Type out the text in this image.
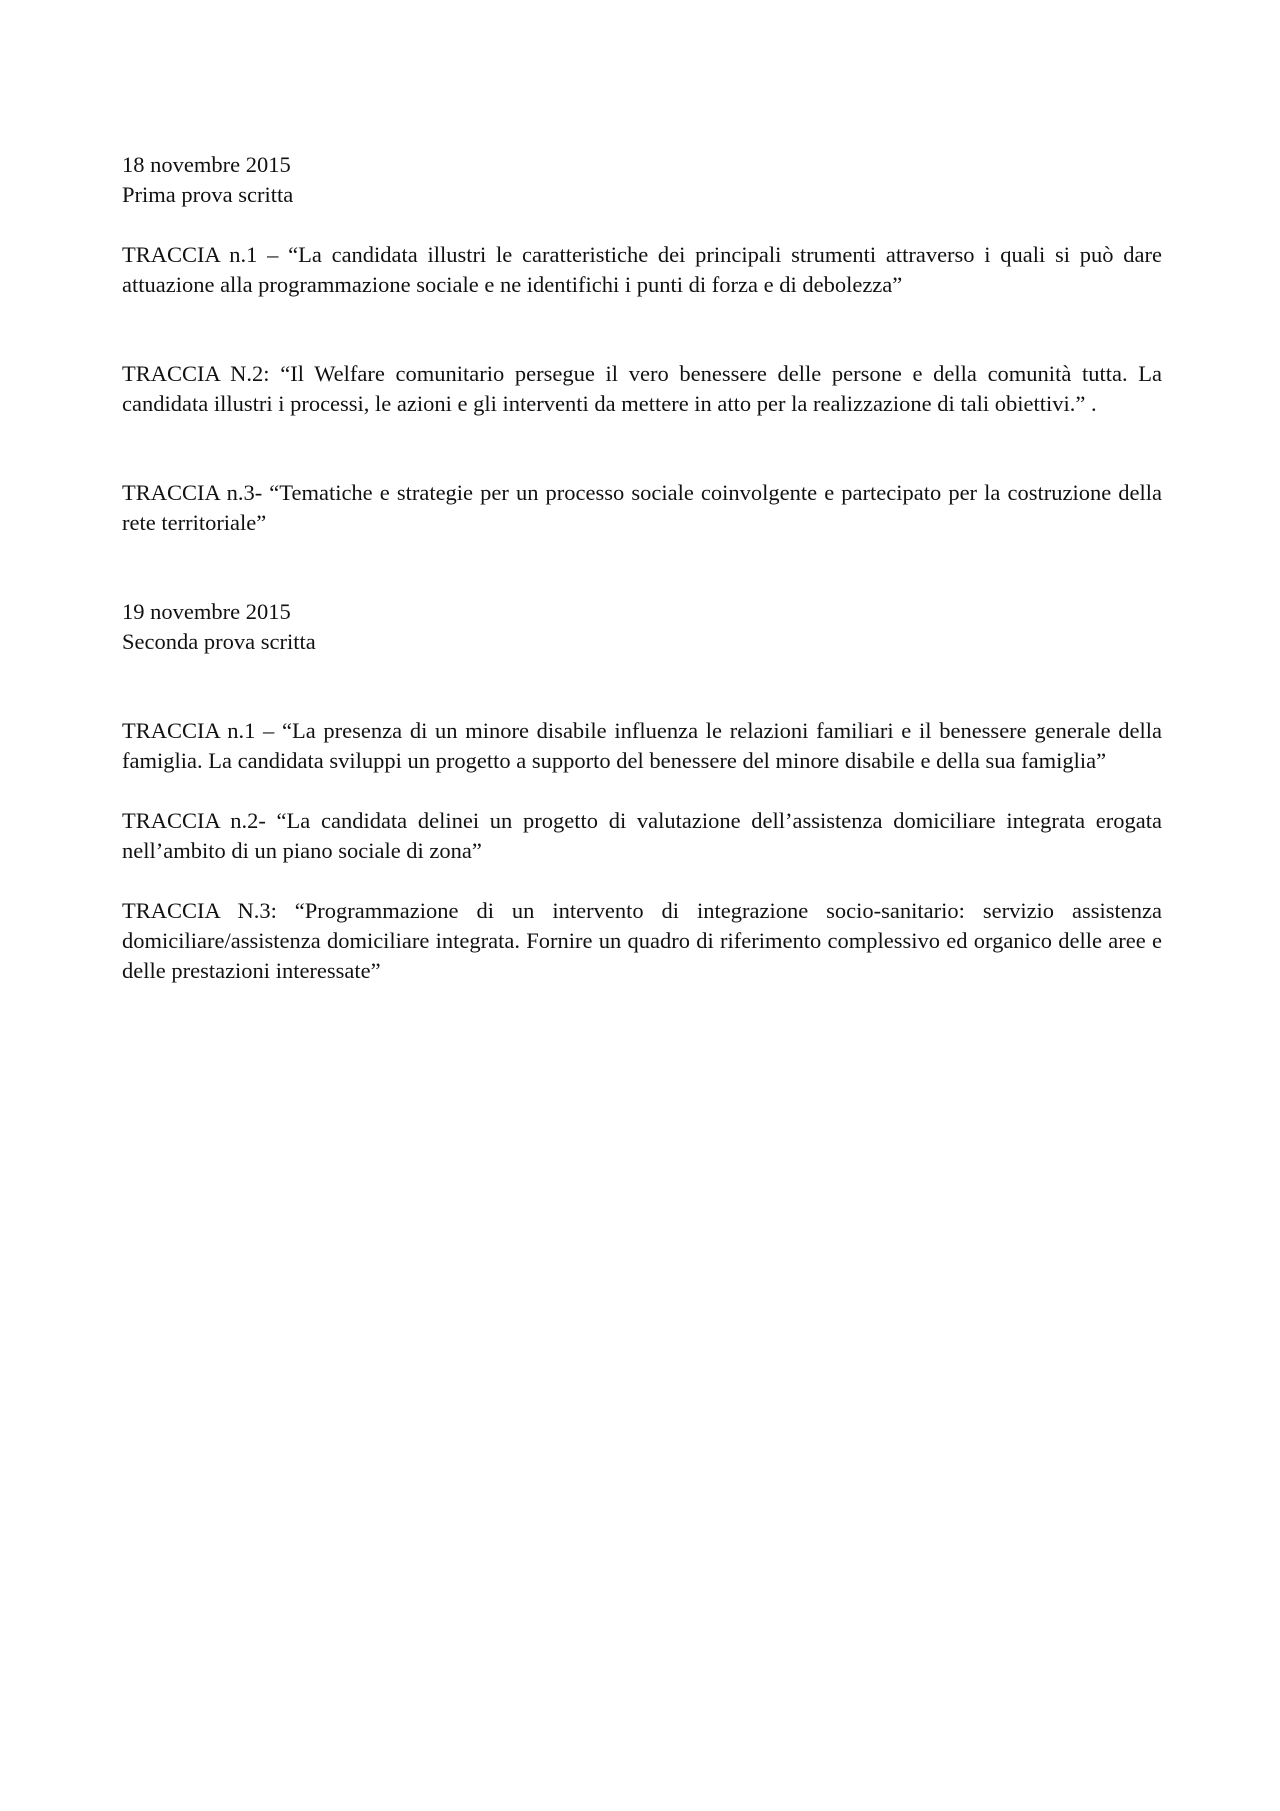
18 novembre 2015
Prima prova scritta

TRACCIA n.1 – “La candidata illustri le caratteristiche dei principali strumenti attraverso i quali si può dare attuazione alla programmazione sociale e ne identifichi i punti di forza e di debolezza”

TRACCIA N.2: “Il Welfare comunitario persegue il vero benessere delle persone e della comunità tutta. La candidata illustri i processi, le azioni e gli interventi da mettere in atto per la realizzazione di tali obiettivi.” .

TRACCIA n.3- “Tematiche e strategie per un processo sociale coinvolgente e partecipato per la costruzione della rete territoriale”

19 novembre 2015
Seconda prova scritta

TRACCIA n.1 – “La presenza di un minore disabile influenza le relazioni familiari e il benessere generale della famiglia. La candidata sviluppi un progetto a supporto del benessere del minore disabile e della sua famiglia”

TRACCIA n.2- “La candidata delinei un progetto di valutazione dell’assistenza domiciliare integrata erogata nell’ambito di un piano sociale di zona”

TRACCIA N.3: “Programmazione di un intervento di integrazione socio-sanitario: servizio assistenza domiciliare/assistenza domiciliare integrata. Fornire un quadro di riferimento complessivo ed organico delle aree e delle prestazioni interessate”
